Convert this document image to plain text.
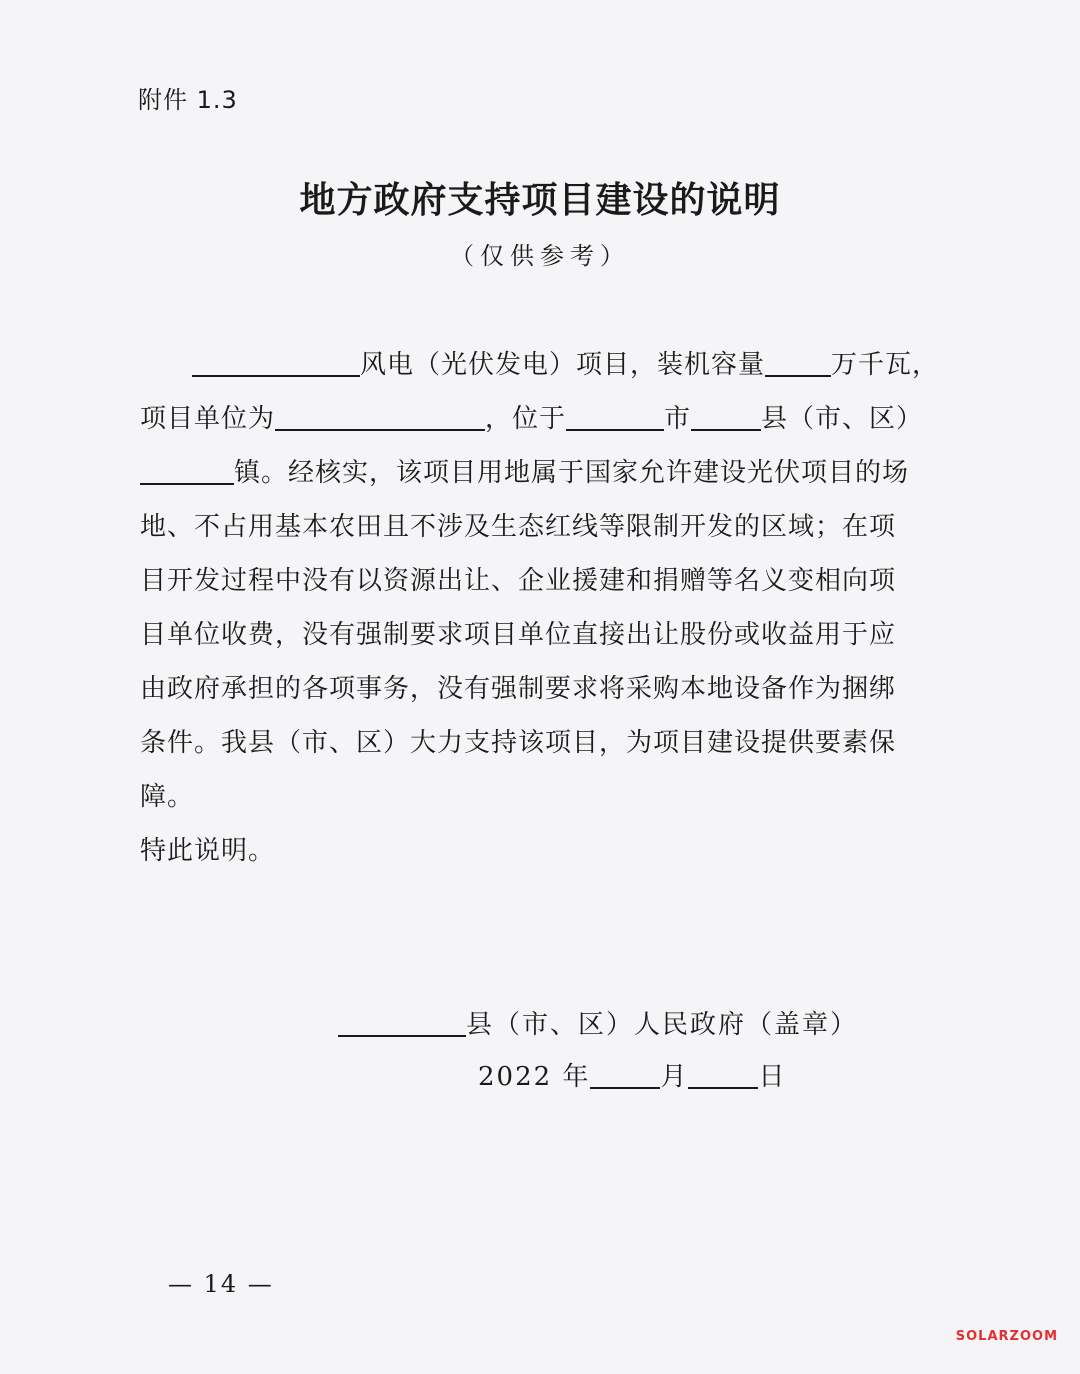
附件 1.3
地方政府支持项目建设的说明
（仅供参考）
风电（光伏发电）项目，装机容量	万千瓦，
项目单位为	，位于	市	县（市、区）
镇。经核实，该项目用地属于国家允许建设光伏项目的场
地、不占用基本农田且不涉及生态红线等限制开发的区域；在项
目开发过程中没有以资源出让、企业援建和捐赠等名义变相向项
目单位收费，没有强制要求项目单位直接出让股份或收益用于应
由政府承担的各项事务，没有强制要求将采购本地设备作为捆绑
条件。我县（市、区）大力支持该项目，为项目建设提供要素保
障。
特此说明。
县（市、区）人民政府（盖章）
2022 年	月	日
— 14 —
SOLARZOOM
